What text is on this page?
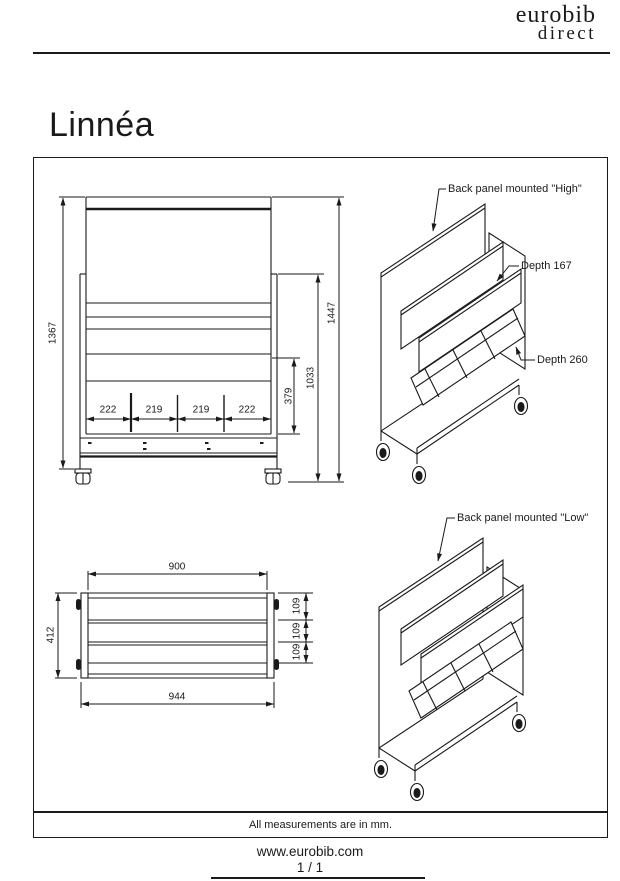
eurobib
direct
Linnéa
1367
379
1033
1447
222	219	219	222
900
944
412
109
109
109
Back panel mounted "High"
Depth 167
Depth 260
Back panel mounted "Low"
All measurements are in mm.
www.eurobib.com
1 / 1
